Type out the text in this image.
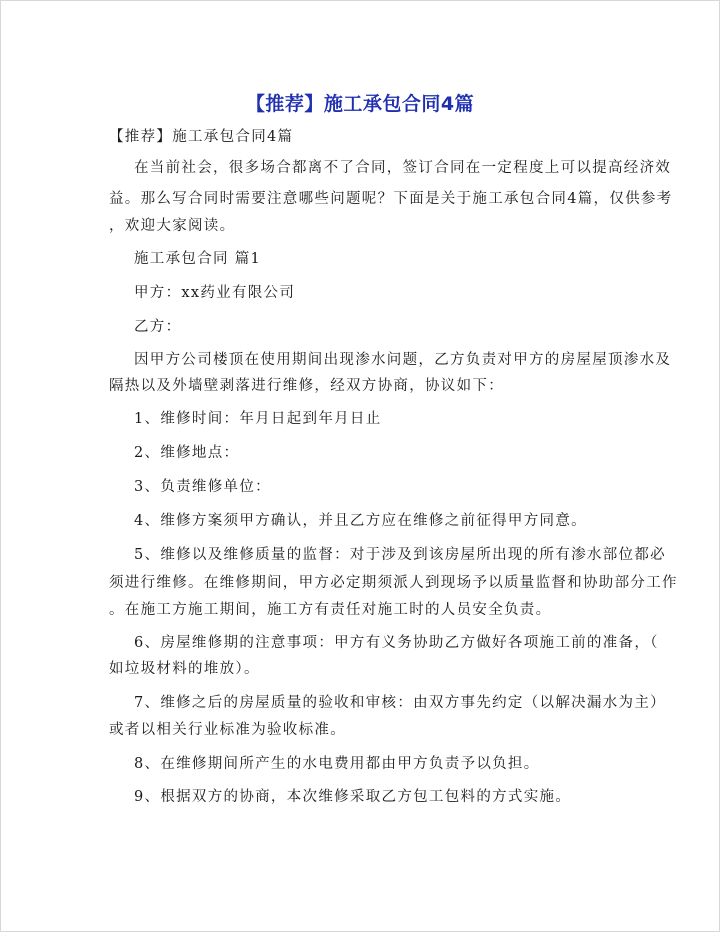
【推荐】施工承包合同4篇
【推荐】施工承包合同4篇
在当前社会，很多场合都离不了合同，签订合同在一定程度上可以提高经济效
益。那么写合同时需要注意哪些问题呢？下面是关于施工承包合同4篇，仅供参考
，欢迎大家阅读。
施工承包合同 篇1
甲方：xx药业有限公司
乙方：
因甲方公司楼顶在使用期间出现渗水问题，乙方负责对甲方的房屋屋顶渗水及
隔热以及外墙壁剥落进行维修，经双方协商，协议如下：
1、维修时间：年月日起到年月日止
2、维修地点：
3、负责维修单位：
4、维修方案须甲方确认，并且乙方应在维修之前征得甲方同意。
5、维修以及维修质量的监督：对于涉及到该房屋所出现的所有渗水部位都必
须进行维修。在维修期间，甲方必定期须派人到现场予以质量监督和协助部分工作
。在施工方施工期间，施工方有责任对施工时的人员安全负责。
6、房屋维修期的注意事项：甲方有义务协助乙方做好各项施工前的准备，（
如垃圾材料的堆放）。
7、维修之后的房屋质量的验收和审核：由双方事先约定（以解决漏水为主）
或者以相关行业标准为验收标准。
8、在维修期间所产生的水电费用都由甲方负责予以负担。
9、根据双方的协商，本次维修采取乙方包工包料的方式实施。
